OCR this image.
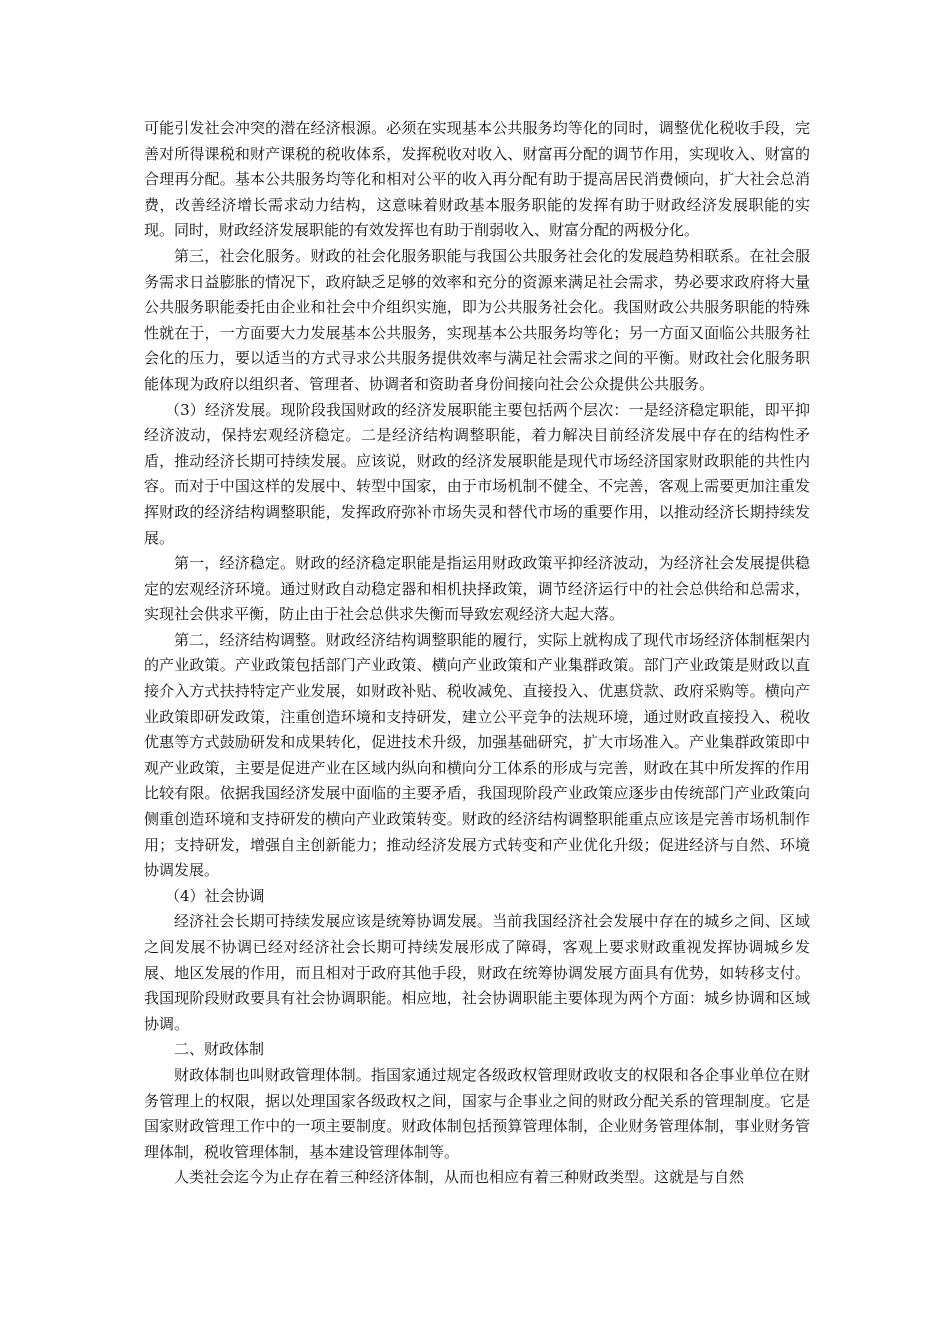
可能引发社会冲突的潜在经济根源。必须在实现基本公共服务均等化的同时，调整优化税收手段，完善对所得课税和财产课税的税收体系，发挥税收对收入、财富再分配的调节作用，实现收入、财富的合理再分配。基本公共服务均等化和相对公平的收入再分配有助于提高居民消费倾向，扩大社会总消费，改善经济增长需求动力结构，这意味着财政基本服务职能的发挥有助于财政经济发展职能的实现。同时，财政经济发展职能的有效发挥也有助于削弱收入、财富分配的两极分化。

第三，社会化服务。财政的社会化服务职能与我国公共服务社会化的发展趋势相联系。在社会服务需求日益膨胀的情况下，政府缺乏足够的效率和充分的资源来满足社会需求，势必要求政府将大量公共服务职能委托由企业和社会中介组织实施，即为公共服务社会化。我国财政公共服务职能的特殊性就在于，一方面要大力发展基本公共服务，实现基本公共服务均等化；另一方面又面临公共服务社会化的压力，要以适当的方式寻求公共服务提供效率与满足社会需求之间的平衡。财政社会化服务职能体现为政府以组织者、管理者、协调者和资助者身份间接向社会公众提供公共服务。

（3）经济发展。现阶段我国财政的经济发展职能主要包括两个层次：一是经济稳定职能，即平抑经济波动，保持宏观经济稳定。二是经济结构调整职能，着力解决目前经济发展中存在的结构性矛盾，推动经济长期可持续发展。应该说，财政的经济发展职能是现代市场经济国家财政职能的共性内容。而对于中国这样的发展中、转型中国家，由于市场机制不健全、不完善，客观上需要更加注重发挥财政的经济结构调整职能，发挥政府弥补市场失灵和替代市场的重要作用，以推动经济长期持续发展。

第一，经济稳定。财政的经济稳定职能是指运用财政政策平抑经济波动，为经济社会发展提供稳定的宏观经济环境。通过财政自动稳定器和相机抉择政策，调节经济运行中的社会总供给和总需求，实现社会供求平衡，防止由于社会总供求失衡而导致宏观经济大起大落。

第二，经济结构调整。财政经济结构调整职能的履行，实际上就构成了现代市场经济体制框架内的产业政策。产业政策包括部门产业政策、横向产业政策和产业集群政策。部门产业政策是财政以直接介入方式扶持特定产业发展，如财政补贴、税收减免、直接投入、优惠贷款、政府采购等。横向产业政策即研发政策，注重创造环境和支持研发，建立公平竞争的法规环境，通过财政直接投入、税收优惠等方式鼓励研发和成果转化，促进技术升级，加强基础研究，扩大市场准入。产业集群政策即中观产业政策，主要是促进产业在区域内纵向和横向分工体系的形成与完善，财政在其中所发挥的作用比较有限。依据我国经济发展中面临的主要矛盾，我国现阶段产业政策应逐步由传统部门产业政策向侧重创造环境和支持研发的横向产业政策转变。财政的经济结构调整职能重点应该是完善市场机制作用；支持研发，增强自主创新能力；推动经济发展方式转变和产业优化升级；促进经济与自然、环境协调发展。

（4）社会协调

经济社会长期可持续发展应该是统筹协调发展。当前我国经济社会发展中存在的城乡之间、区域之间发展不协调已经对经济社会长期可持续发展形成了障碍，客观上要求财政重视发挥协调城乡发展、地区发展的作用，而且相对于政府其他手段，财政在统筹协调发展方面具有优势，如转移支付。我国现阶段财政要具有社会协调职能。相应地，社会协调职能主要体现为两个方面：城乡协调和区域协调。

二、财政体制

财政体制也叫财政管理体制。指国家通过规定各级政权管理财政收支的权限和各企事业单位在财务管理上的权限，据以处理国家各级政权之间，国家与企事业之间的财政分配关系的管理制度。它是国家财政管理工作中的一项主要制度。财政体制包括预算管理体制，企业财务管理体制，事业财务管理体制，税收管理体制，基本建设管理体制等。

人类社会迄今为止存在着三种经济体制，从而也相应有着三种财政类型。这就是与自然
